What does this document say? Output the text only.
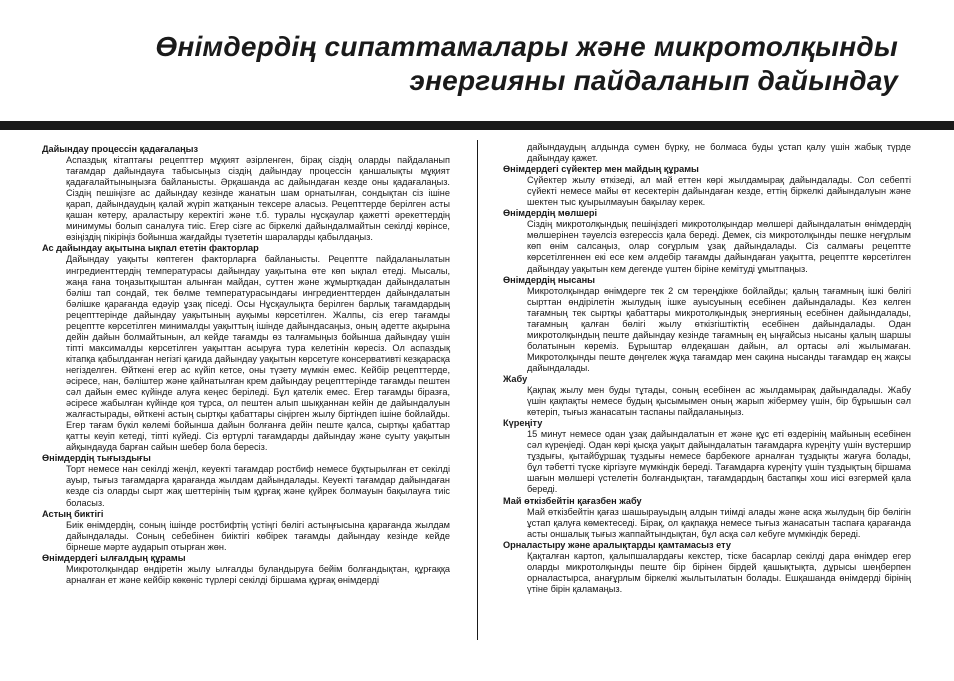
Өнімдердің сипаттамалары және микротолқынды
энергияны пайдаланып дайындау
Дайындау процессін қадағалаңыз

Аспаздық кітаптағы рецепттер мұқият әзірленген, бірақ сіздің оларды пайдаланып тағамдар дайындауға табысыңыз сіздің дайындау процессін қаншалықты мұқият қадағалайтыныңызға байланысты. Әрқашанда ас дайындаған кезде оны қадағалаңыз. Сіздің пешіңізге ас дайындау кезінде жанатын шам орнатылған, сондықтан сіз ішіне қарап, дайындаудың қалай жүріп жатқанын тексере аласыз. Рецепттерде берілген асты қашан көтеру, араластыру керектігі және т.б. туралы нұсқаулар қажетті әрекеттердің минимумы болып саналуға тиіс. Егер сізге ас біркелкі дайындалмайтын секілді көрінсе, өзіңіздің пікіріңіз бойынша жағдайды түзететін шараларды қабылдаңыз.

Ас дайындау ақытына ықпал ететін факторлар

Дайындау уақыты көптеген факторларға байланысты. Рецептте пайдаланылатын ингредиенттердің температурасы дайындау уақытына өте көп ықпал етеді. Мысалы, жаңа ғана тоңазытқыштан алынған майдан, суттен және жұмыртқадан дайындалатын бәліш тап сондай, тек бөлме температурасындағы ингредиенттерден дайындалатын бәлішке қарағанда едәуір ұзақ піседі. Осы Нұсқаулықта берілген барлық тағамдардың рецепттерінде дайындау уақытының ауқымы көрсетілген. Жалпы, сіз егер тағамды рецептте көрсетілген минималды уақыттың ішінде дайындасаңыз, оның әдетте ақырына дейін дайын болмайтынын, ал кейде тағамды өз талғамыңыз бойынша дайындау үшін тіпті максималды көрсетілген уақыттан асыруға тура келетінін көресіз. Ол аспаздық кітапқа қабылданған негізгі қағида дайындау уақытын көрсетуге консервативті кезқарасқа негізделген. Өйткені егер ас күйіп кетсе, оны түзету мүмкін емес. Кейбір рецепттерде, әсіресе, нан, бәліштер және қайнатылған крем дайындау рецепттерінде тағамды пештен сәл дайын емес күйінде алуға кеңес беріледі. Бұл қателік емес. Егер тағамды біразға, әсіресе жабылған күйінде қоя тұрса, ол пештен алып шыққаннан кейін де дайындалуын жалғастырады, өйткені астың сыртқы қабаттары сіңірген жылу біртіндеп ішіне бойлайды. Егер тағам бүкіл көлемі бойынша дайын болғанға дейін пеште қалса, сыртқы қабаттар қатты кеуіп кетеді, тіпті күйеді. Сіз өртүрлі тағамдарды дайындау және суыту уақытын айқындауда барған сайын шебер бола бересіз.

Өнімдердің тығыздығы

Торт немесе нан секілді жеңіл, кеуекті тағамдар ростбиф немесе бұқтырылған ет секілді ауыр, тығыз тағамдарға қарағанда жылдам дайындалады. Кеуекті тағамдар дайындаған кезде сіз оларды сырт жақ шеттерінің тым құрғақ және қүйрек болмауын бақылауға тиіс боласыз.

Астың биктігі

Биік өнімдердің, соның ішінде ростбифтің үстіңгі бөлігі астыңғысына қарағанда жылдам дайындалады. Соның себебінен биіктігі көбірек тағамды дайындау кезінде кейде бірнеше мәрте аударып отырған жөн.

Өнімдердегі ылғалдың құрамы

Микротолқындар өндіретін жылу ылғалды буландыруға бейім болғандықтан, құрғаққа арналған ет және кейбір көкөніс түрлері секілді біршама құрғақ өнімдерді

дайындаудың алдында сумен бүрку, не болмаса буды ұстап қалу үшін жабық түрде дайындау қажет.

Өнімдердегі сүйектер мен майдың құрамы

Сүйектер жылу өткізеді, ал май еттен көрі жылдамырақ дайындалады. Сол себепті сүйекті немесе майы өт кесектерін дайындаған кезде, еттің біркелкі дайындалуын және шектен тыс қуырылмауын бақылау керек.

Өнімдердің мөлшері

Сіздің микротолқындық пешіңіздегі микротолқындар мөлшері дайындалатын өнімдердің мөлшерінен тәуелсіз өзгерессіз қала береді. Демек, сіз микротолқынды пешке неғұрлым көп өнім салсаңыз, олар соғұрлым ұзақ дайындалады. Сіз салмағы рецептте көрсетілгеннен екі есе кем әлдебір тағамды дайындаған уақытта, рецептте көрсетілген дайындау уақытын кем дегенде үштен біріне кемітуді ұмытпаңыз.

Өнімдердің нысаны

Микротолқындар өнімдерге тек 2 см тереңдікке бойлайды; қалың тағамның ішкі бөлігі сырттан өндірілетін жылудың ішке ауысуының есебінен дайындалады. Кез келген тағамның тек сыртқы қабаттары микротолқындық энергияның есебінен дайындалады, тағамның қалған бөлігі жылу өткізгіштіктің есебінен дайындалады. Одан микротолқындың пеште дайындау кезінде тағамның ең ыңғайсыз нысаны қалың шаршы болатынын көреміз. Бұрыштар өлдеқашан дайын, ал ортасы әлі жылымаған. Микротолқынды пеште дөңгелек жұқа тағамдар мен сақина нысанды тағамдар ең жақсы дайындалады.

Жабу

Қақпақ жылу мен буды тұтады, соның есебінен ас жылдамырақ дайындалады. Жабу үшін қақпақты немесе будың қысымымен оның жарып жібермеу үшін, бір бұрышын сәл көтеріп, тығыз жанасатын таспаны пайдаланыңыз.

Күреңіту

15 минут немесе одан ұзақ дайындалатын ет және құс еті өздерінің майының есебінен сәл күреңіеді. Одан көрі қысқа уақыт дайындалатын тағамдарға күреңіту үшін вустершир тұздығы, қытайбұршақ тұздығы немесе барбекюге арналған тұздықты жағуға болады, бұл тәбетті түске кіргізуге мүмкіндік береді. Тағамдарға күреңіту үшін тұздықтың біршама шағын мөлшері үстелетін болғандықтан, тағамдардың бастапқы хош иісі өзгермей қала береді.

Май өткізбейтін қағазбен жабу

Май өткізбейтін қағаз шашырауыдың алдын тиімді алады және асқа жылудың бір бөлігін ұстап қалуға көмектеседі. Бірақ, ол қақпаққа немесе тығыз жанасатын таспаға қарағанда асты оншалық тығыз жаппайтындықтан, бұл асқа сәл кебуге мүмкіндік береді.

Орналастыру және аралықтарды қамтамасыз ету

Қақталған картоп, қалыпшалардағы кекстер, тіске басарлар секілді дара өнімдер егер оларды микротолқынды пеште бір бірінен бірдей қашықтықта, дұрысы шеңберпен орналастырса, анағұрлым біркелкі жылытылатын болады. Ешқашанда өнімдерді бірінің үтіне бірін қаламаңыз.
